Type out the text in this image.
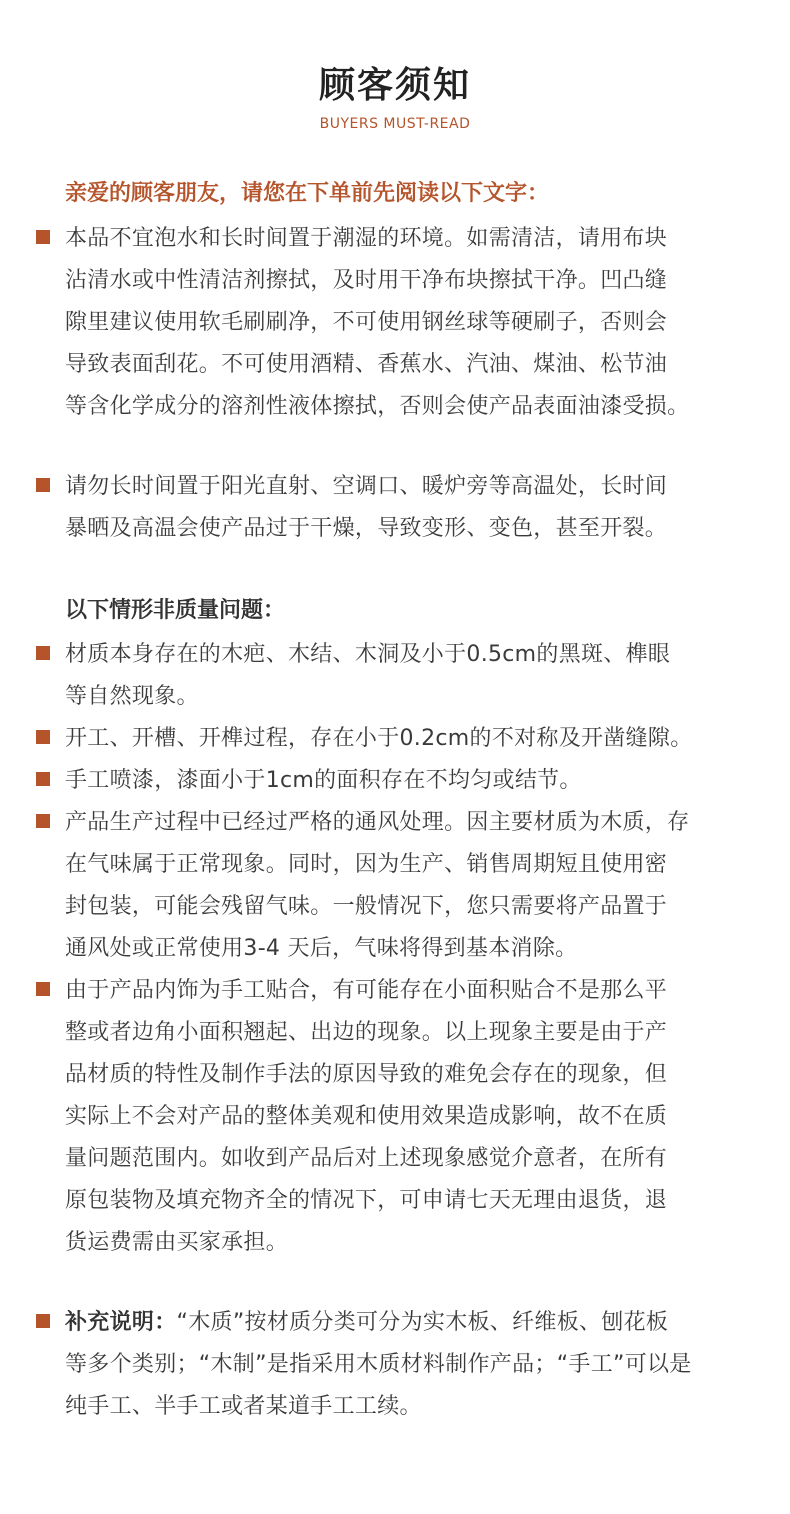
顾客须知
BUYERS MUST-READ
亲爱的顾客朋友，请您在下单前先阅读以下文字：
本品不宜泡水和长时间置于潮湿的环境。如需清洁，请用布块
沾清水或中性清洁剂擦拭，及时用干净布块擦拭干净。凹凸缝
隙里建议使用软毛刷刷净，不可使用钢丝球等硬刷子，否则会
导致表面刮花。不可使用酒精、香蕉水、汽油、煤油、松节油
等含化学成分的溶剂性液体擦拭，否则会使产品表面油漆受损。
请勿长时间置于阳光直射、空调口、暖炉旁等高温处，长时间
暴晒及高温会使产品过于干燥，导致变形、变色，甚至开裂。
以下情形非质量问题：
材质本身存在的木疤、木结、木洞及小于0.5cm的黑斑、榫眼
等自然现象。
开工、开槽、开榫过程，存在小于0.2cm的不对称及开凿缝隙。
手工喷漆，漆面小于1cm的面积存在不均匀或结节。
产品生产过程中已经过严格的通风处理。因主要材质为木质，存
在气味属于正常现象。同时，因为生产、销售周期短且使用密
封包装，可能会残留气味。一般情况下，您只需要将产品置于
通风处或正常使用3-4 天后，气味将得到基本消除。
由于产品内饰为手工贴合，有可能存在小面积贴合不是那么平
整或者边角小面积翘起、出边的现象。以上现象主要是由于产
品材质的特性及制作手法的原因导致的难免会存在的现象，但
实际上不会对产品的整体美观和使用效果造成影响，故不在质
量问题范围内。如收到产品后对上述现象感觉介意者，在所有
原包装物及填充物齐全的情况下，可申请七天无理由退货，退
货运费需由买家承担。
补充说明：“木质”按材质分类可分为实木板、纤维板、刨花板
等多个类别；“木制”是指采用木质材料制作产品；“手工”可以是
纯手工、半手工或者某道手工工续。
